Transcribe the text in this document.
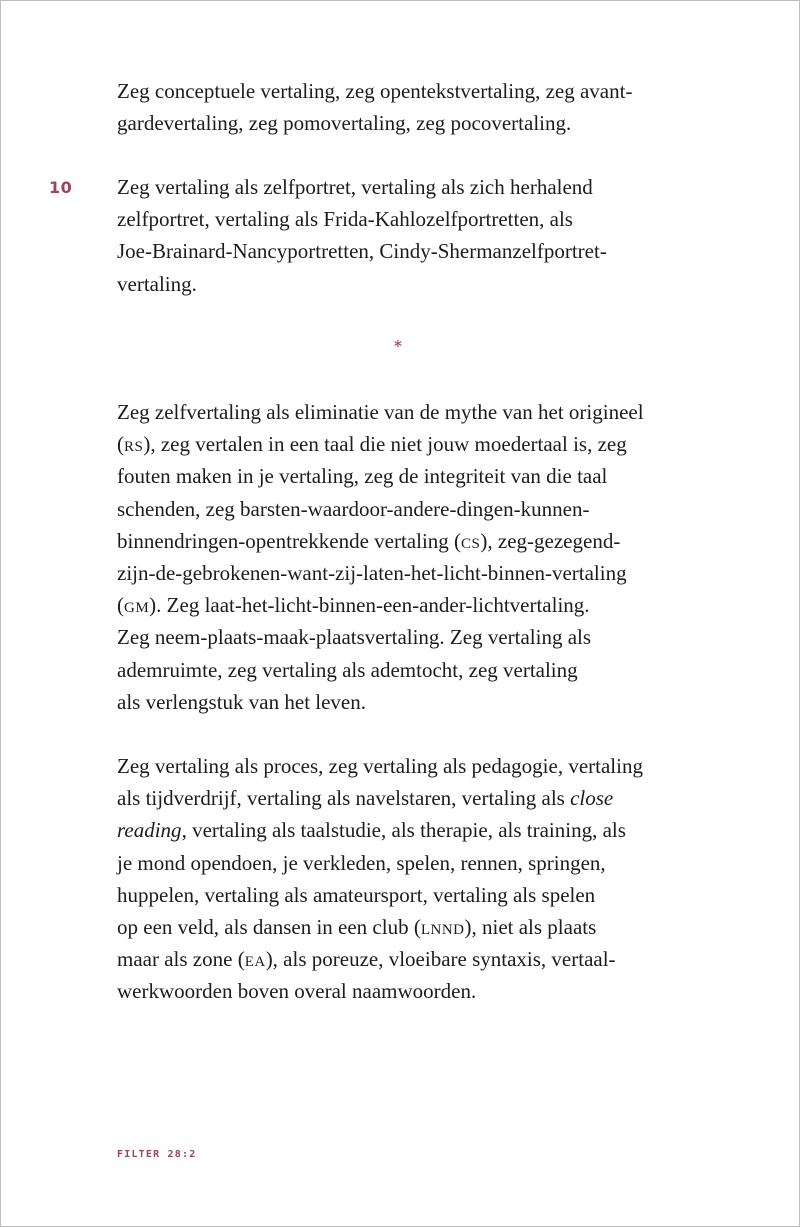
Zeg conceptuele vertaling, zeg opentekstvertaling, zeg avant-
gardevertaling, zeg pomovertaling, zeg pocovertaling.
10 Zeg vertaling als zelfportret, vertaling als zich herhalend
zelfportret, vertaling als Frida-Kahlozelfportretten, als
Joe-Brainard-Nancyportretten, Cindy-Shermanzelfportret-
vertaling.
*
Zeg zelfvertaling als eliminatie van de mythe van het origineel
(RS), zeg vertalen in een taal die niet jouw moedertaal is, zeg
fouten maken in je vertaling, zeg de integriteit van die taal
schenden, zeg barsten-waardoor-andere-dingen-kunnen-
binnendringen-opentrekkende vertaling (CS), zeg-gezegend-
zijn-de-gebrokenen-want-zij-laten-het-licht-binnen-vertaling
(GM). Zeg laat-het-licht-binnen-een-ander-lichtvertaling.
Zeg neem-plaats-maak-plaatsvertaling. Zeg vertaling als
ademruimte, zeg vertaling als ademtocht, zeg vertaling
als verlengstuk van het leven.
Zeg vertaling als proces, zeg vertaling als pedagogie, vertaling
als tijdverdrijf, vertaling als navelstaren, vertaling als close
reading, vertaling als taalstudie, als therapie, als training, als
je mond opendoen, je verkleden, spelen, rennen, springen,
huppelen, vertaling als amateursport, vertaling als spelen
op een veld, als dansen in een club (LNND), niet als plaats
maar als zone (EA), als poreuze, vloeibare syntaxis, vertaal-
werkwoorden boven overal naamwoorden.
FILTER 28:2
